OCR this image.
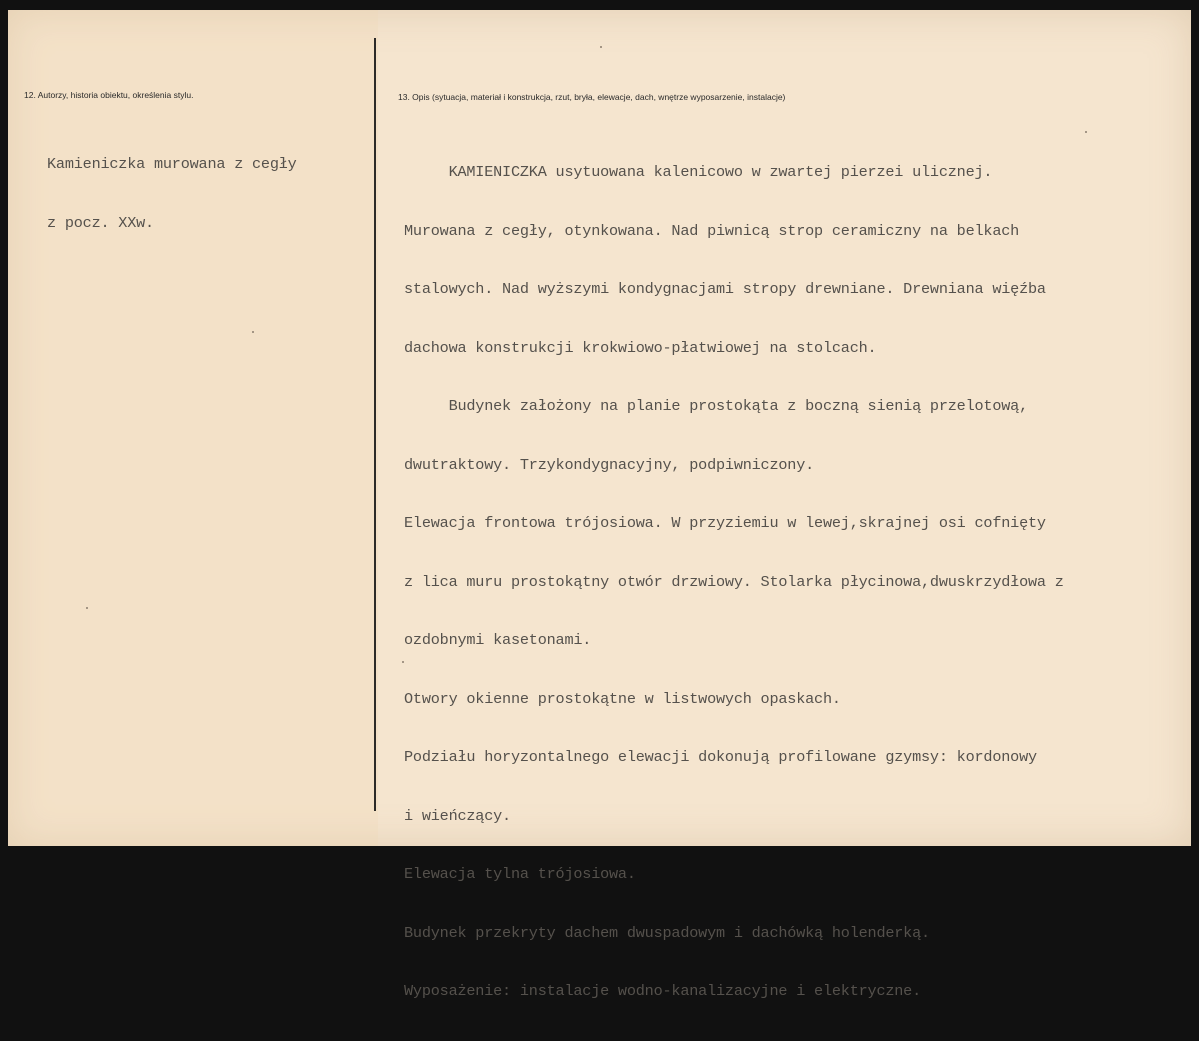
12. Autorzy, historia obiektu, określenia stylu.	13. Opis (sytuacja, materiał i konstrukcja, rzut, bryła, elewacje, dach, wnętrze wyposarzenie, instalacje)

Kamieniczka murowana z cegły

z pocz. XXw.

KAMIENICZKA usytuowana kalenicowo w zwartej pierzei ulicznej.

Murowana z cegły, otynkowana. Nad piwnicą strop ceramiczny na belkach

stalowych. Nad wyższymi kondygnacjami stropy drewniane. Drewniana więźba

dachowa konstrukcji krokwiowo-płatwiowej na stolcach.

Budynek założony na planie prostokąta z boczną sienią przelotową,

dwutraktowy. Trzykondygnacyjny, podpiwniczony.

Elewacja frontowa trójosiowa. W przyziemiu w lewej,skrajnej osi cofnięty

z lica muru prostokątny otwór drzwiowy. Stolarka płycinowa,dwuskrzydłowa z

ozdobnymi kasetonami.

Otwory okienne prostokątne w listwowych opaskach.

Podziału horyzontalnego elewacji dokonują profilowane gzymsy: kordonowy

i wieńczący.

Elewacja tylna trójosiowa.

Budynek przekryty dachem dwuspadowym i dachówką holenderką.

Wyposażenie: instalacje wodno-kanalizacyjne i elektryczne.
